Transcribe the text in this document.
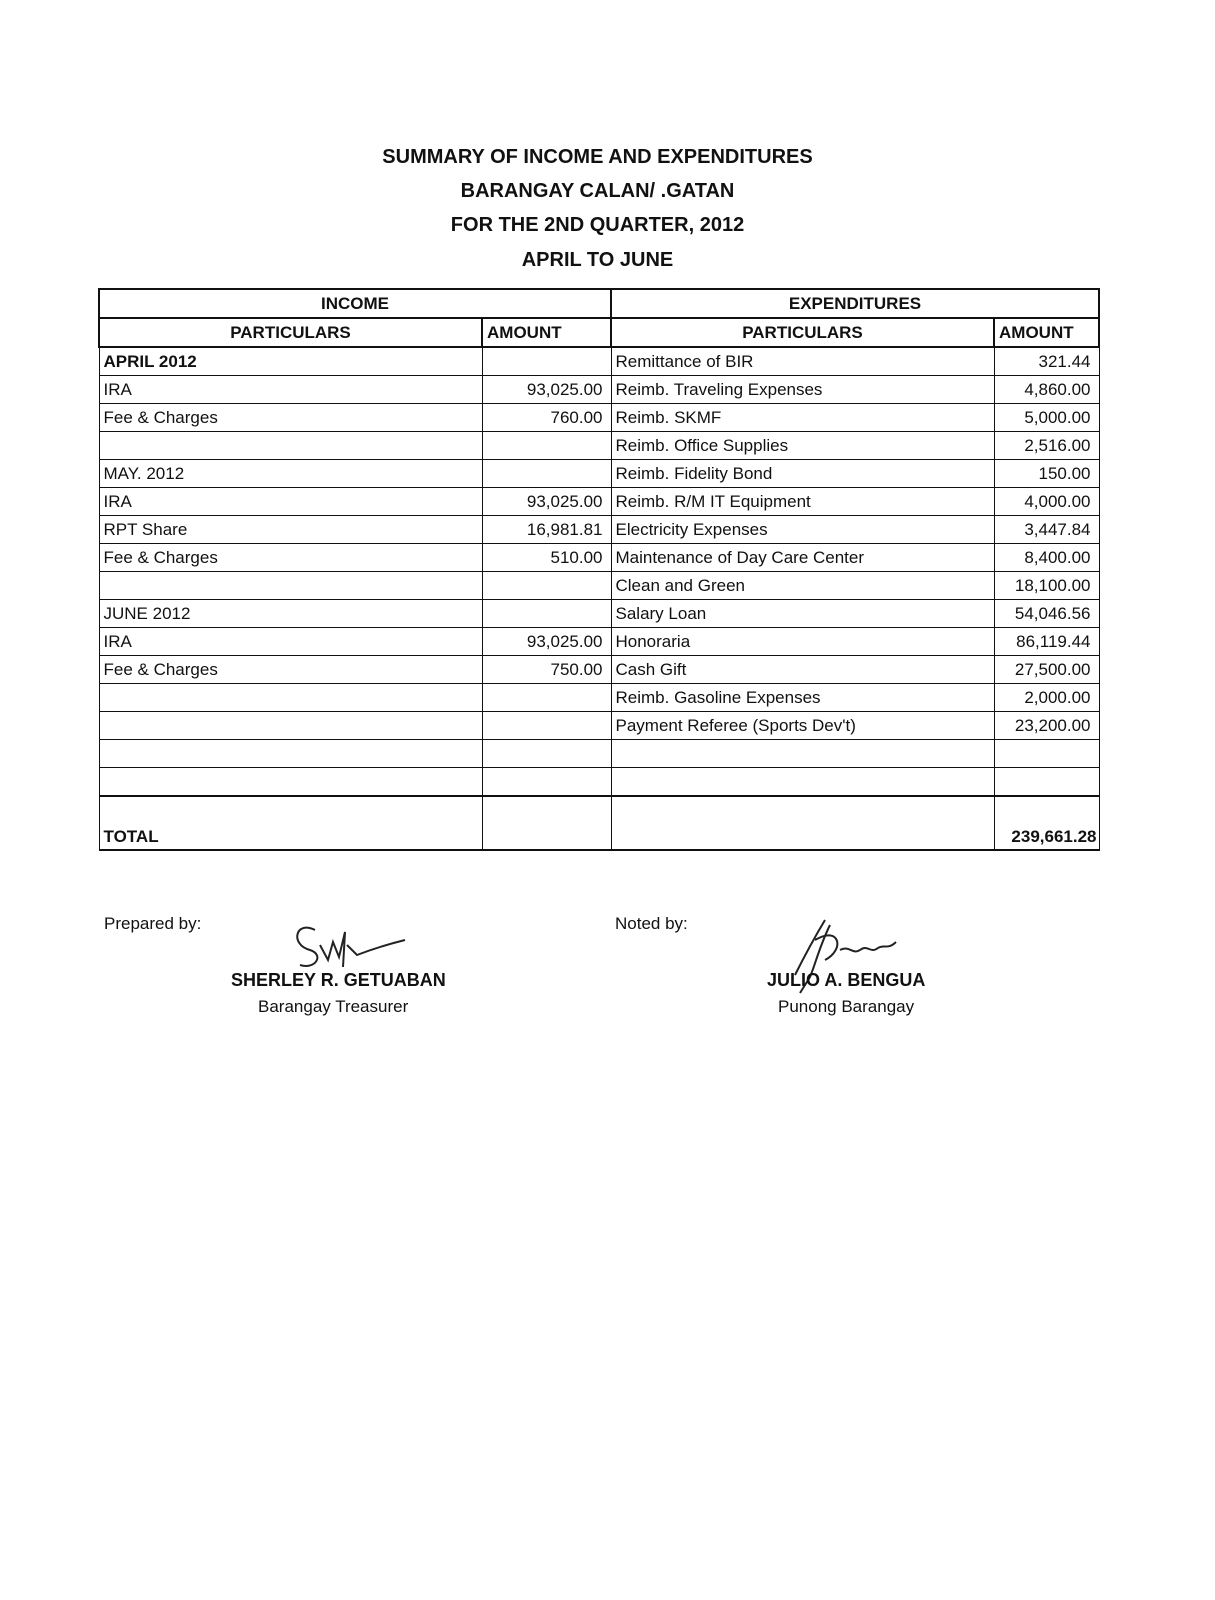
SUMMARY OF INCOME AND EXPENDITURES
BARANGAY CALAN/ .GATAN
FOR THE 2ND QUARTER, 2012
APRIL TO JUNE
INCOME		EXPENDITURES	
PARTICULARS	AMOUNT	PARTICULARS	AMOUNT
APRIL 2012		Remittance of BIR	321.44
IRA	93,025.00	Reimb. Traveling Expenses	4,860.00
Fee & Charges	760.00	Reimb. SKMF	5,000.00
		Reimb. Office Supplies	2,516.00
MAY. 2012		Reimb. Fidelity Bond	150.00
IRA	93,025.00	Reimb. R/M IT Equipment	4,000.00
RPT Share	16,981.81	Electricity Expenses	3,447.84
Fee & Charges	510.00	Maintenance of Day Care Center	8,400.00
		Clean and Green	18,100.00
JUNE 2012		Salary Loan	54,046.56
IRA	93,025.00	Honoraria	86,119.44
Fee & Charges	750.00	Cash Gift	27,500.00
		Reimb. Gasoline Expenses	2,000.00
		Payment Referee (Sports Dev't)	23,200.00

TOTAL			239,661.28
Prepared by:
SHERLEY R. GETUABAN
Barangay Treasurer
Noted by:
JULIO A. BENGUA
Punong Barangay
